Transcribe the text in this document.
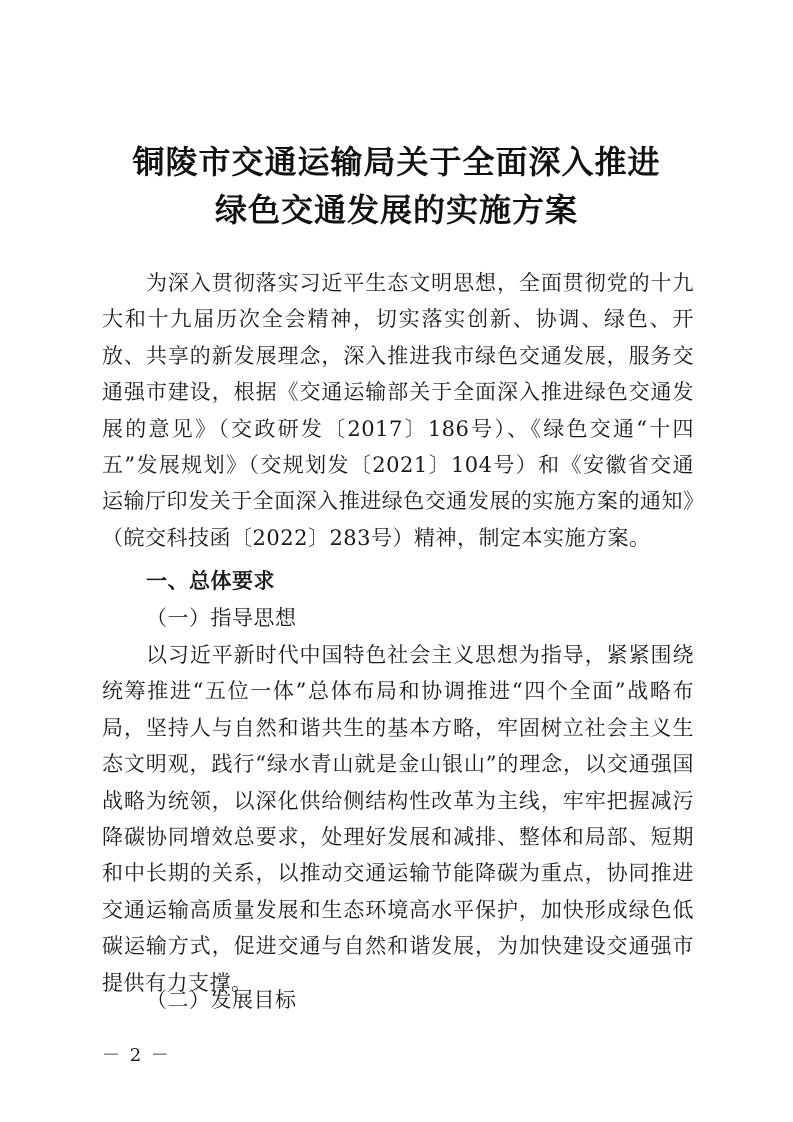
铜陵市交通运输局关于全面深入推进
绿色交通发展的实施方案

为深入贯彻落实习近平生态文明思想，全面贯彻党的十九大和十九届历次全会精神，切实落实创新、协调、绿色、开放、共享的新发展理念，深入推进我市绿色交通发展，服务交通强市建设，根据《交通运输部关于全面深入推进绿色交通发展的意见》（交政研发〔2017〕186号）、《绿色交通“十四五”发展规划》（交规划发〔2021〕104号）和《安徽省交通运输厅印发关于全面深入推进绿色交通发展的实施方案的通知》（皖交科技函〔2022〕283号）精神，制定本实施方案。

一、总体要求
（一）指导思想

以习近平新时代中国特色社会主义思想为指导，紧紧围绕统筹推进“五位一体”总体布局和协调推进“四个全面”战略布局，坚持人与自然和谐共生的基本方略，牢固树立社会主义生态文明观，践行“绿水青山就是金山银山”的理念，以交通强国战略为统领，以深化供给侧结构性改革为主线，牢牢把握减污降碳协同增效总要求，处理好发展和减排、整体和局部、短期和中长期的关系，以推动交通运输节能降碳为重点，协同推进交通运输高质量发展和生态环境高水平保护，加快形成绿色低碳运输方式，促进交通与自然和谐发展，为加快建设交通强市提供有力支撑。

（二）发展目标
－ 2 －
